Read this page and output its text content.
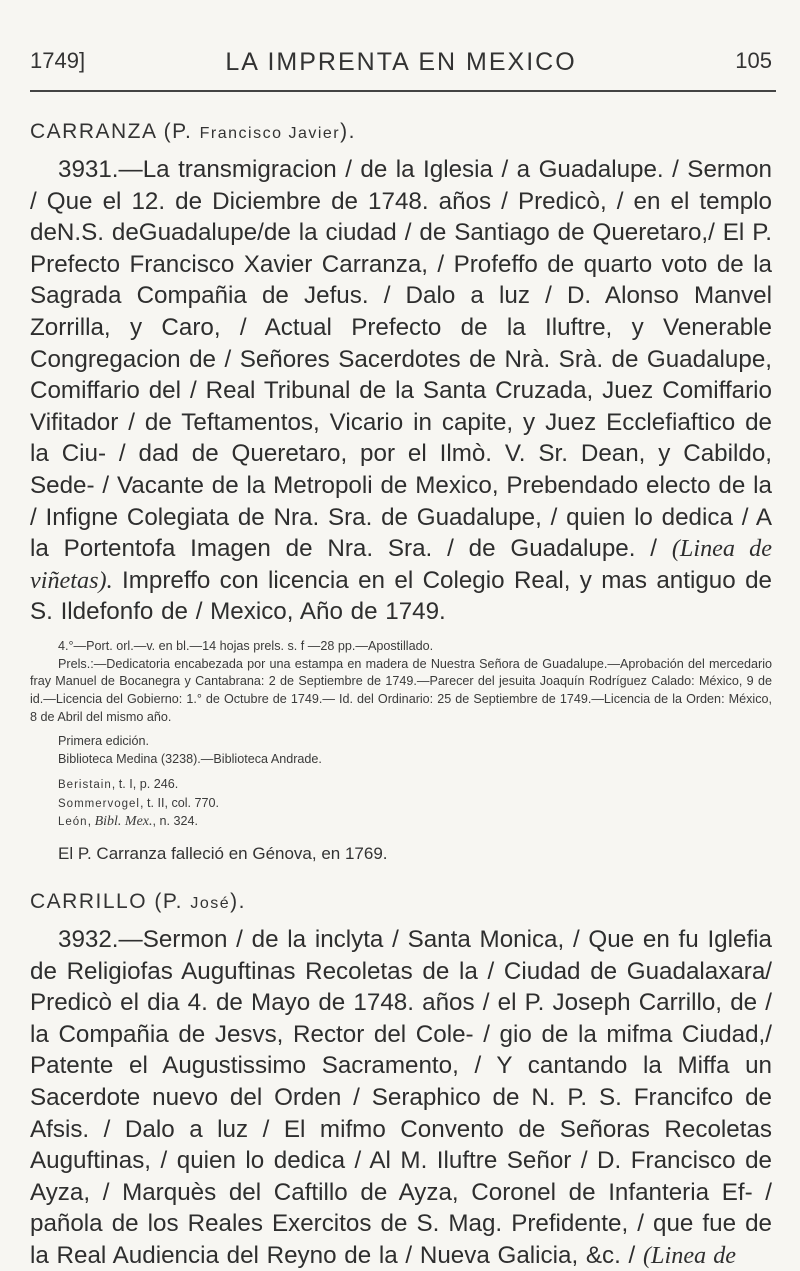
1749]	LA IMPRENTA EN MEXICO	105
CARRANZA (P. Francisco Javier).

3931.—La transmigracion / de la Iglesia / a Guadalupe. / Sermon / Que el 12. de Diciembre de 1748. años / Predicò, / en el templo deN.S. deGuadalupe/de la ciudad / de Santiago de Queretaro,/ El P. Prefecto Francisco Xavier Carranza, / Profeffo de quarto voto de la Sagrada Compañia de Jefus. / Dalo a luz / D. Alonso Manvel Zorrilla, y Caro, / Actual Prefecto de la Iluftre, y Venerable Congregacion de / Señores Sacerdotes de Nrà. Srà. de Guadalupe, Comiffario del / Real Tribunal de la Santa Cruzada, Juez Comiffario Vifitador / de Teftamentos, Vicario in capite, y Juez Ecclefiaftico de la Ciu- / dad de Queretaro, por el Ilmò. V. Sr. Dean, y Cabildo, Sede- / Vacante de la Metropoli de Mexico, Prebendado electo de la / Infigne Colegiata de Nra. Sra. de Guadalupe, / quien lo dedica / A la Portentofa Imagen de Nra. Sra. / de Guadalupe. / (Linea de viñetas). Impreffo con licencia en el Colegio Real, y mas antiguo de S. Ildefonfo de / Mexico, Año de 1749.

4.°—Port. orl.—v. en bl.—14 hojas prels. s. f —28 pp.—Apostillado.

Prels.:—Dedicatoria encabezada por una estampa en madera de Nuestra Señora de Guadalupe.—Aprobación del mercedario fray Manuel de Bocanegra y Cantabrana: 2 de Septiembre de 1749.—Parecer del jesuita Joaquín Rodríguez Calado: México, 9 de id.—Licencia del Gobierno: 1.° de Octubre de 1749.— Id. del Ordinario: 25 de Septiembre de 1749.—Licencia de la Orden: México, 8 de Abril del mismo año.

Primera edición.

Biblioteca Medina (3238).—Biblioteca Andrade.

Beristain, t. I, p. 246.

Sommervogel, t. II, col. 770.

León, Bibl. Mex., n. 324.

El P. Carranza falleció en Génova, en 1769.

CARRILLO (P. José).

3932.—Sermon / de la inclyta / Santa Monica, / Que en fu Iglefia de Religiofas Auguftinas Recoletas de la / Ciudad de Guadalaxara/ Predicò el dia 4. de Mayo de 1748. años / el P. Joseph Carrillo, de / la Compañia de Jesvs, Rector del Cole- / gio de la mifma Ciudad,/ Patente el Augustissimo Sacramento, / Y cantando la Miffa un Sacerdote nuevo del Orden / Seraphico de N. P. S. Francifco de Afsis. / Dalo a luz / El mifmo Convento de Señoras Recoletas Auguftinas, / quien lo dedica / Al M. Iluftre Señor / D. Francisco de Ayza, / Marquès del Caftillo de Ayza, Coronel de Infanteria Ef- / pañola de los Reales Exercitos de S. Mag. Prefidente, / que fue de la Real Audiencia del Reyno de la / Nueva Galicia, &c. / (Linea de
